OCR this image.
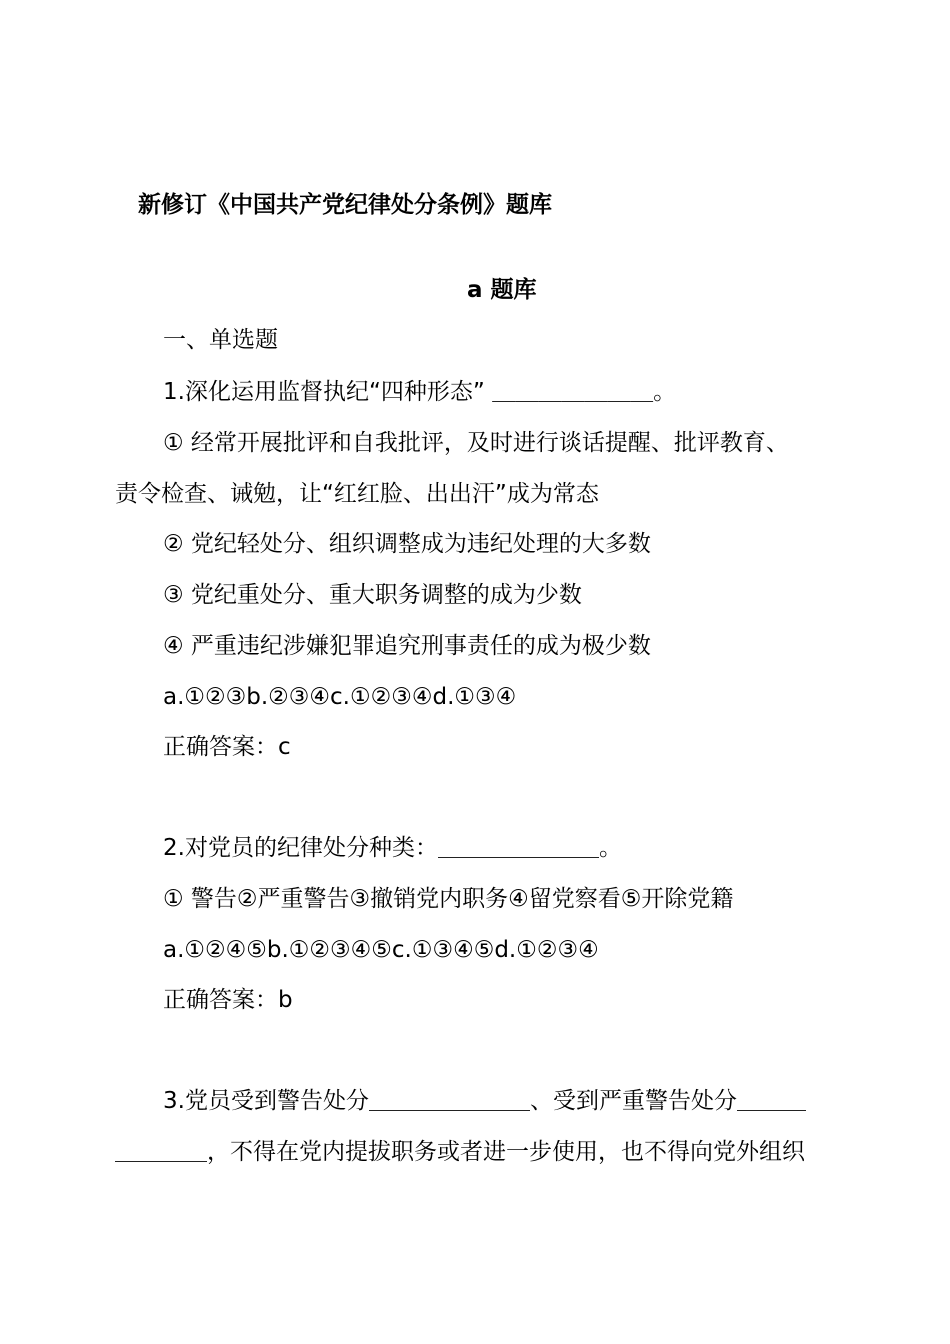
新修订《中国共产党纪律处分条例》题库
a 题库
一、单选题
1.深化运用监督执纪“四种形态” ＿＿＿＿＿＿＿。
① 经常开展批评和自我批评，及时进行谈话提醒、批评教育、
责令检查、诫勉，让“红红脸、出出汗”成为常态
② 党纪轻处分、组织调整成为违纪处理的大多数
③ 党纪重处分、重大职务调整的成为少数
④ 严重违纪涉嫌犯罪追究刑事责任的成为极少数
a.①②③b.②③④c.①②③④d.①③④
正确答案：c
2.对党员的纪律处分种类：＿＿＿＿＿＿＿。
① 警告②严重警告③撤销党内职务④留党察看⑤开除党籍
a.①②④⑤b.①②③④⑤c.①③④⑤d.①②③④
正确答案：b
3.党员受到警告处分＿＿＿＿＿＿＿、受到严重警告处分＿＿＿
＿＿＿＿，不得在党内提拔职务或者进一步使用，也不得向党外组织
